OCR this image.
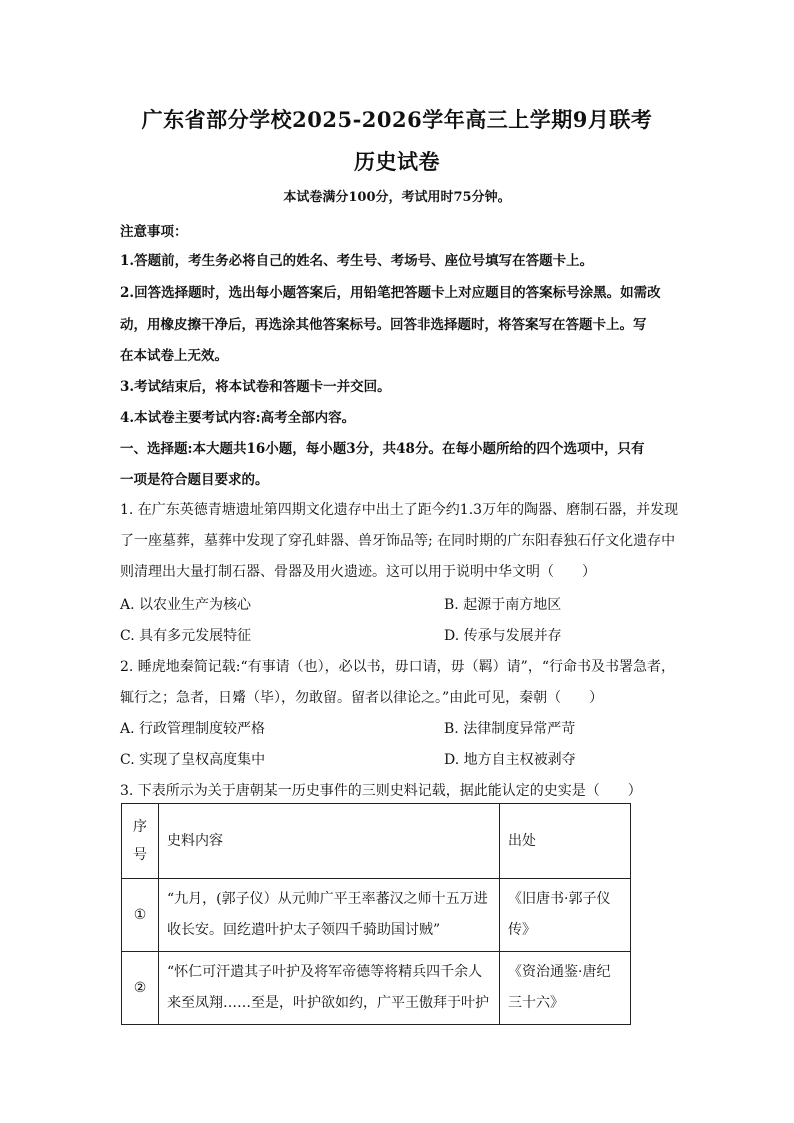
广东省部分学校2025-2026学年高三上学期9月联考
历史试卷
本试卷满分100分，考试用时75分钟。
注意事项：
1.答题前，考生务必将自己的姓名、考生号、考场号、座位号填写在答题卡上。
2.回答选择题时，选出每小题答案后，用铅笔把答题卡上对应题目的答案标号涂黑。如需改
动，用橡皮擦干净后，再选涂其他答案标号。回答非选择题时，将答案写在答题卡上。写
在本试卷上无效。
3.考试结束后，将本试卷和答题卡一并交回。
4.本试卷主要考试内容:高考全部内容。
一、选择题:本大题共16小题，每小题3分，共48分。在每小题所给的四个选项中，只有
一项是符合题目要求的。
1. 在广东英德青塘遗址第四期文化遗存中出土了距今约1.3万年的陶器、磨制石器，并发现
了一座墓葬，墓葬中发现了穿孔蚌器、兽牙饰品等; 在同时期的广东阳春独石仔文化遗存中
则清理出大量打制石器、骨器及用火遗迹。这可以用于说明中华文明（　　）
A. 以农业生产为核心	B. 起源于南方地区
C. 具有多元发展特征	D. 传承与发展并存
2. 睡虎地秦简记载:“有事请（也），必以书，毋口请，毋（羁）请”，“行命书及书署急者，
辄行之；急者，日觱（毕），勿敢留。留者以律论之。”由此可见，秦朝（　　）
A. 行政管理制度较严格	B. 法律制度异常严苛
C. 实现了皇权高度集中	D. 地方自主权被剥夺
3. 下表所示为关于唐朝某一历史事件的三则史料记载，据此能认定的史实是（　　）
序号	史料内容	出处

①	“九月，(郭子仪）从元帅广平王率蕃汉之师十五万进
收长安。回纥遣叶护太子领四千骑助国讨贼”	《旧唐书·郭子仪
传》

②	“怀仁可汗遣其子叶护及将军帝德等将精兵四千余人
来至凤翔……至是，叶护欲如约，广平王傲拜于叶护	《资治通鉴·唐纪
三十六》
